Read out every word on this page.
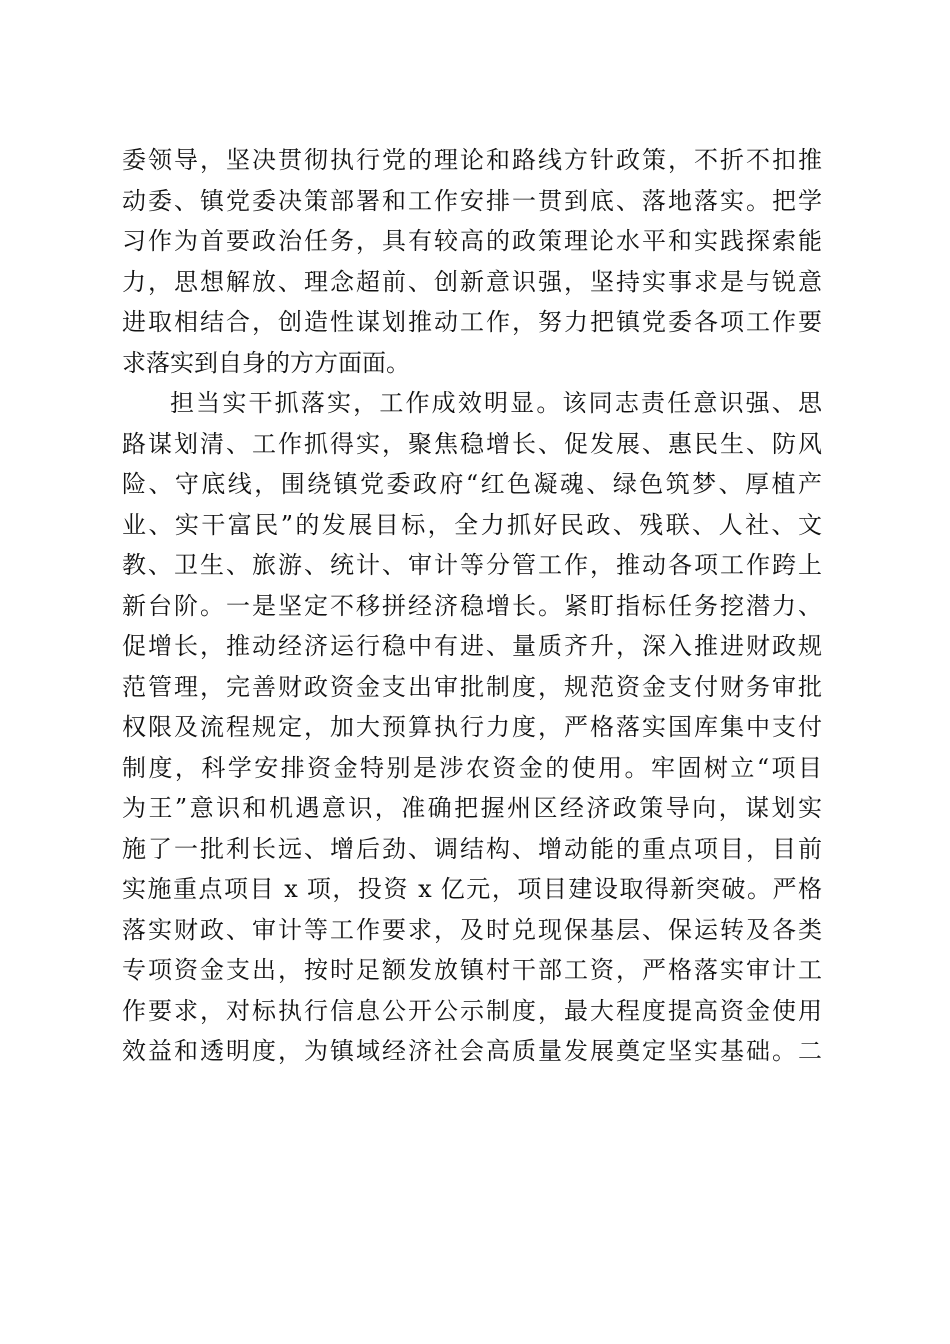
委领导，坚决贯彻执行党的理论和路线方针政策，不折不扣推
动委、镇党委决策部署和工作安排一贯到底、落地落实。把学
习作为首要政治任务，具有较高的政策理论水平和实践探索能
力，思想解放、理念超前、创新意识强，坚持实事求是与锐意
进取相结合，创造性谋划推动工作，努力把镇党委各项工作要
求落实到自身的方方面面。
担当实干抓落实，工作成效明显。该同志责任意识强、思
路谋划清、工作抓得实，聚焦稳增长、促发展、惠民生、防风
险、守底线，围绕镇党委政府“红色凝魂、绿色筑梦、厚植产
业、实干富民”的发展目标，全力抓好民政、残联、人社、文
教、卫生、旅游、统计、审计等分管工作，推动各项工作跨上
新台阶。一是坚定不移拼经济稳增长。紧盯指标任务挖潜力、
促增长，推动经济运行稳中有进、量质齐升，深入推进财政规
范管理，完善财政资金支出审批制度，规范资金支付财务审批
权限及流程规定，加大预算执行力度，严格落实国库集中支付
制度，科学安排资金特别是涉农资金的使用。牢固树立“项目
为王”意识和机遇意识，准确把握州区经济政策导向，谋划实
施了一批利长远、增后劲、调结构、增动能的重点项目，目前
实施重点项目 x 项，投资 x 亿元，项目建设取得新突破。严格
落实财政、审计等工作要求，及时兑现保基层、保运转及各类
专项资金支出，按时足额发放镇村干部工资，严格落实审计工
作要求，对标执行信息公开公示制度，最大程度提高资金使用
效益和透明度，为镇域经济社会高质量发展奠定坚实基础。二
